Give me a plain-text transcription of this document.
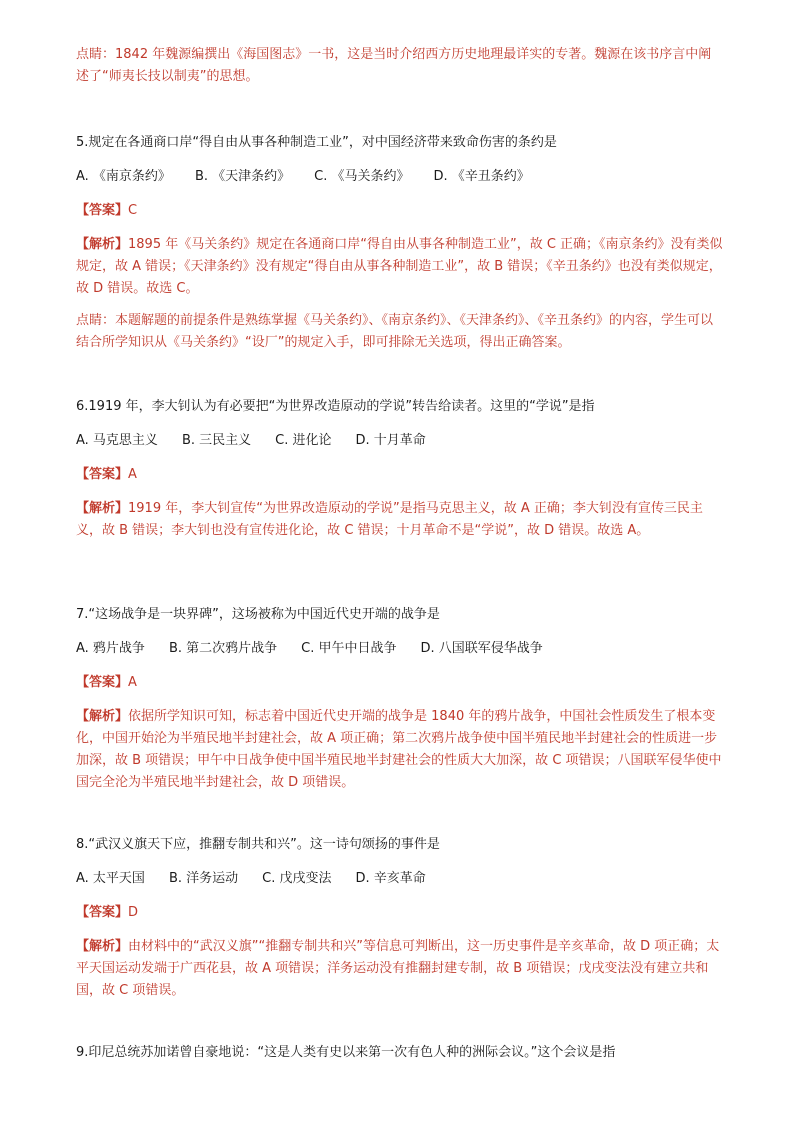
点睛：1842 年魏源编撰出《海国图志》一书，这是当时介绍西方历史地理最详实的专著。魏源在该书序言中阐述了“师夷长技以制夷”的思想。
5.规定在各通商口岸“得自由从事各种制造工业”，对中国经济带来致命伤害的条约是
A. 《南京条约》 B. 《天津条约》 C. 《马关条约》 D. 《辛丑条约》
【答案】C
【解析】1895 年《马关条约》规定在各通商口岸“得自由从事各种制造工业”，故 C 正确；《南京条约》没有类似规定，故 A 错误；《天津条约》没有规定“得自由从事各种制造工业”，故 B 错误；《辛丑条约》也没有类似规定，故 D 错误。故选 C。
点睛：本题解题的前提条件是熟练掌握《马关条约》、《南京条约》、《天津条约》、《辛丑条约》的内容，学生可以结合所学知识从《马关条约》“设厂”的规定入手，即可排除无关选项，得出正确答案。
6.1919 年，李大钊认为有必要把“为世界改造原动的学说”转告给读者。这里的“学说”是指
A. 马克思主义 B. 三民主义 C. 进化论 D. 十月革命
【答案】A
【解析】1919 年，李大钊宣传“为世界改造原动的学说”是指马克思主义，故 A 正确；李大钊没有宣传三民主义，故 B 错误；李大钊也没有宣传进化论，故 C 错误；十月革命不是“学说”，故 D 错误。故选 A。
7.“这场战争是一块界碑”，这场被称为中国近代史开端的战争是
A. 鸦片战争 B. 第二次鸦片战争 C. 甲午中日战争 D. 八国联军侵华战争
【答案】A
【解析】依据所学知识可知，标志着中国近代史开端的战争是 1840 年的鸦片战争，中国社会性质发生了根本变化，中国开始沦为半殖民地半封建社会，故 A 项正确；第二次鸦片战争使中国半殖民地半封建社会的性质进一步加深，故 B 项错误；甲午中日战争使中国半殖民地半封建社会的性质大大加深，故 C 项错误；八国联军侵华使中国完全沦为半殖民地半封建社会，故 D 项错误。
8.“武汉义旗天下应，推翻专制共和兴”。这一诗句颂扬的事件是
A. 太平天国 B. 洋务运动 C. 戊戌变法 D. 辛亥革命
【答案】D
【解析】由材料中的“武汉义旗”“推翻专制共和兴”等信息可判断出，这一历史事件是辛亥革命，故 D 项正确；太平天国运动发端于广西花县，故 A 项错误；洋务运动没有推翻封建专制，故 B 项错误；戊戌变法没有建立共和国，故 C 项错误。
9.印尼总统苏加诺曾自豪地说：“这是人类有史以来第一次有色人种的洲际会议。”这个会议是指
